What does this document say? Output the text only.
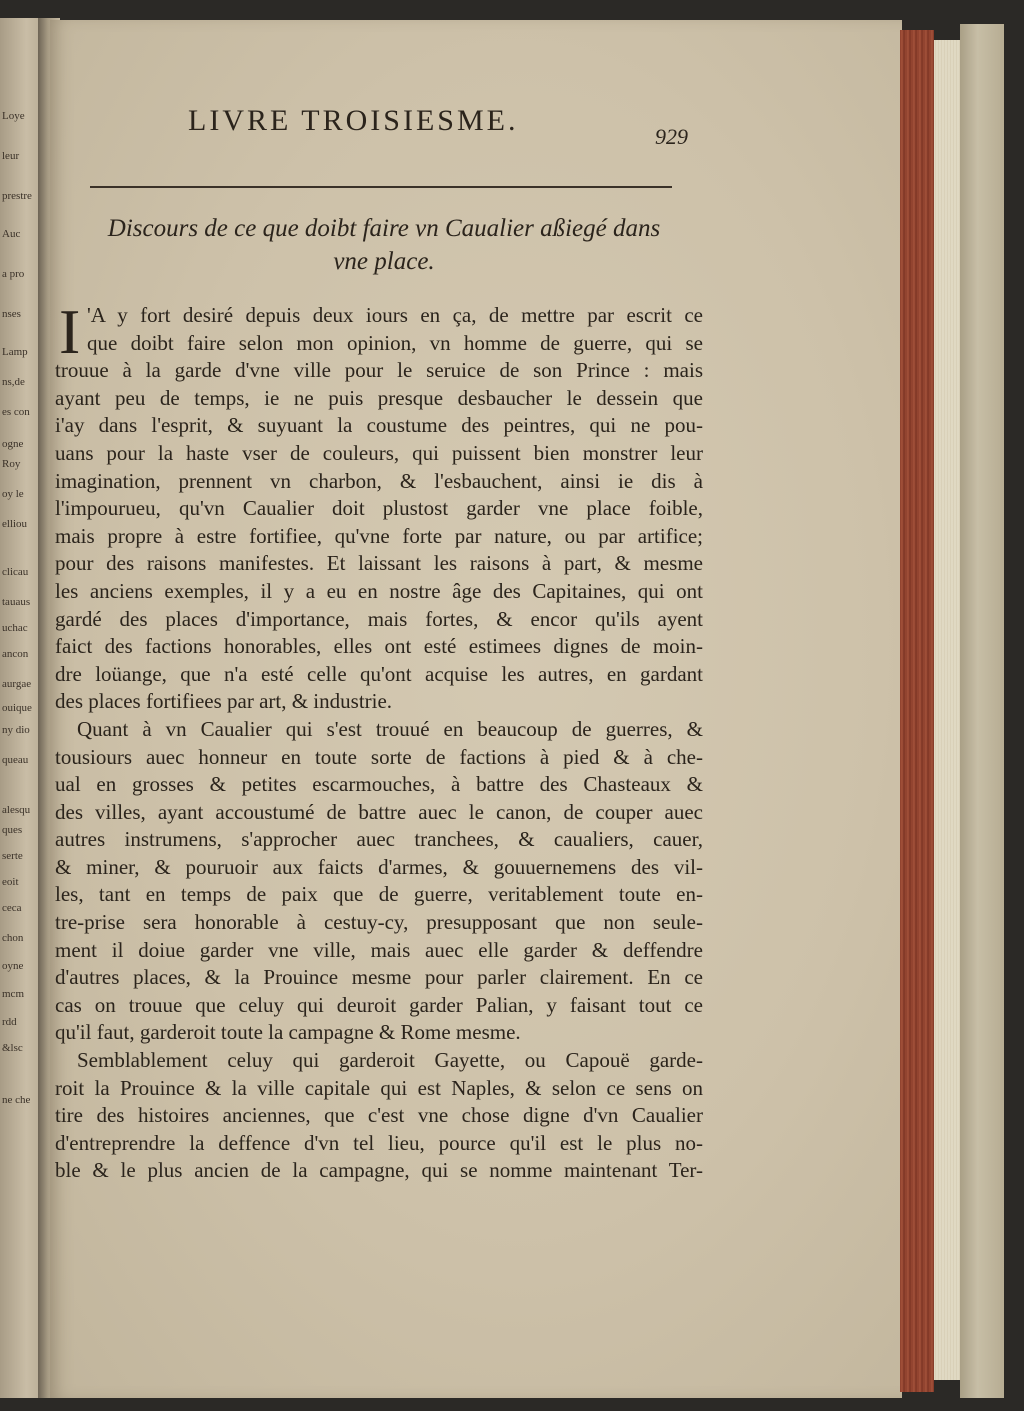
Loye
leur
prestre
Auc
a pro
nses
Lamp
ns,de
es con
ogne
Roy
oy le
elliou
clicau
tauaus
uchac
ancon
aurgae
ouique
ny dio
queau
alesqu
ques
serte
eoit
ceca
chon
oyne
mcm
rdd
&lsc
ne che
LIVRE TROISIESME.	929
Discours de ce que doibt faire vn Caualier aßiegé dans
vne place.
I 'A y fort desiré depuis deux iours en ça, de mettre par escrit ce
que doibt faire selon mon opinion, vn homme de guerre, qui se
trouue à la garde d'vne ville pour le seruice de son Prince : mais
ayant peu de temps, ie ne puis presque desbaucher le dessein que
i'ay dans l'esprit, & suyuant la coustume des peintres, qui ne pou-
uans pour la haste vser de couleurs, qui puissent bien monstrer leur
imagination, prennent vn charbon, & l'esbauchent, ainsi ie dis à
l'impourueu, qu'vn Caualier doit plustost garder vne place foible,
mais propre à estre fortifiee, qu'vne forte par nature, ou par artifice;
pour des raisons manifestes. Et laissant les raisons à part, & mesme
les anciens exemples, il y a eu en nostre âge des Capitaines, qui ont
gardé des places d'importance, mais fortes, & encor qu'ils ayent
faict des factions honorables, elles ont esté estimees dignes de moin-
dre loüange, que n'a esté celle qu'ont acquise les autres, en gardant
des places fortifiees par art, & industrie.
Quant à vn Caualier qui s'est trouué en beaucoup de guerres, &
tousiours auec honneur en toute sorte de factions à pied & à che-
ual en grosses & petites escarmouches, à battre des Chasteaux &
des villes, ayant accoustumé de battre auec le canon, de couper auec
autres instrumens, s'approcher auec tranchees, & caualiers, cauer,
& miner, & pouruoir aux faicts d'armes, & gouuernemens des vil-
les, tant en temps de paix que de guerre, veritablement toute en-
tre-prise sera honorable à cestuy-cy, presupposant que non seule-
ment il doiue garder vne ville, mais auec elle garder & deffendre
d'autres places, & la Prouince mesme pour parler clairement. En ce
cas on trouue que celuy qui deuroit garder Palian, y faisant tout ce
qu'il faut, garderoit toute la campagne & Rome mesme.
Semblablement celuy qui garderoit Gayette, ou Capouë garde-
roit la Prouince & la ville capitale qui est Naples, & selon ce sens on
tire des histoires anciennes, que c'est vne chose digne d'vn Caualier
d'entreprendre la deffence d'vn tel lieu, pource qu'il est le plus no-
ble & le plus ancien de la campagne, qui se nomme maintenant Ter-
